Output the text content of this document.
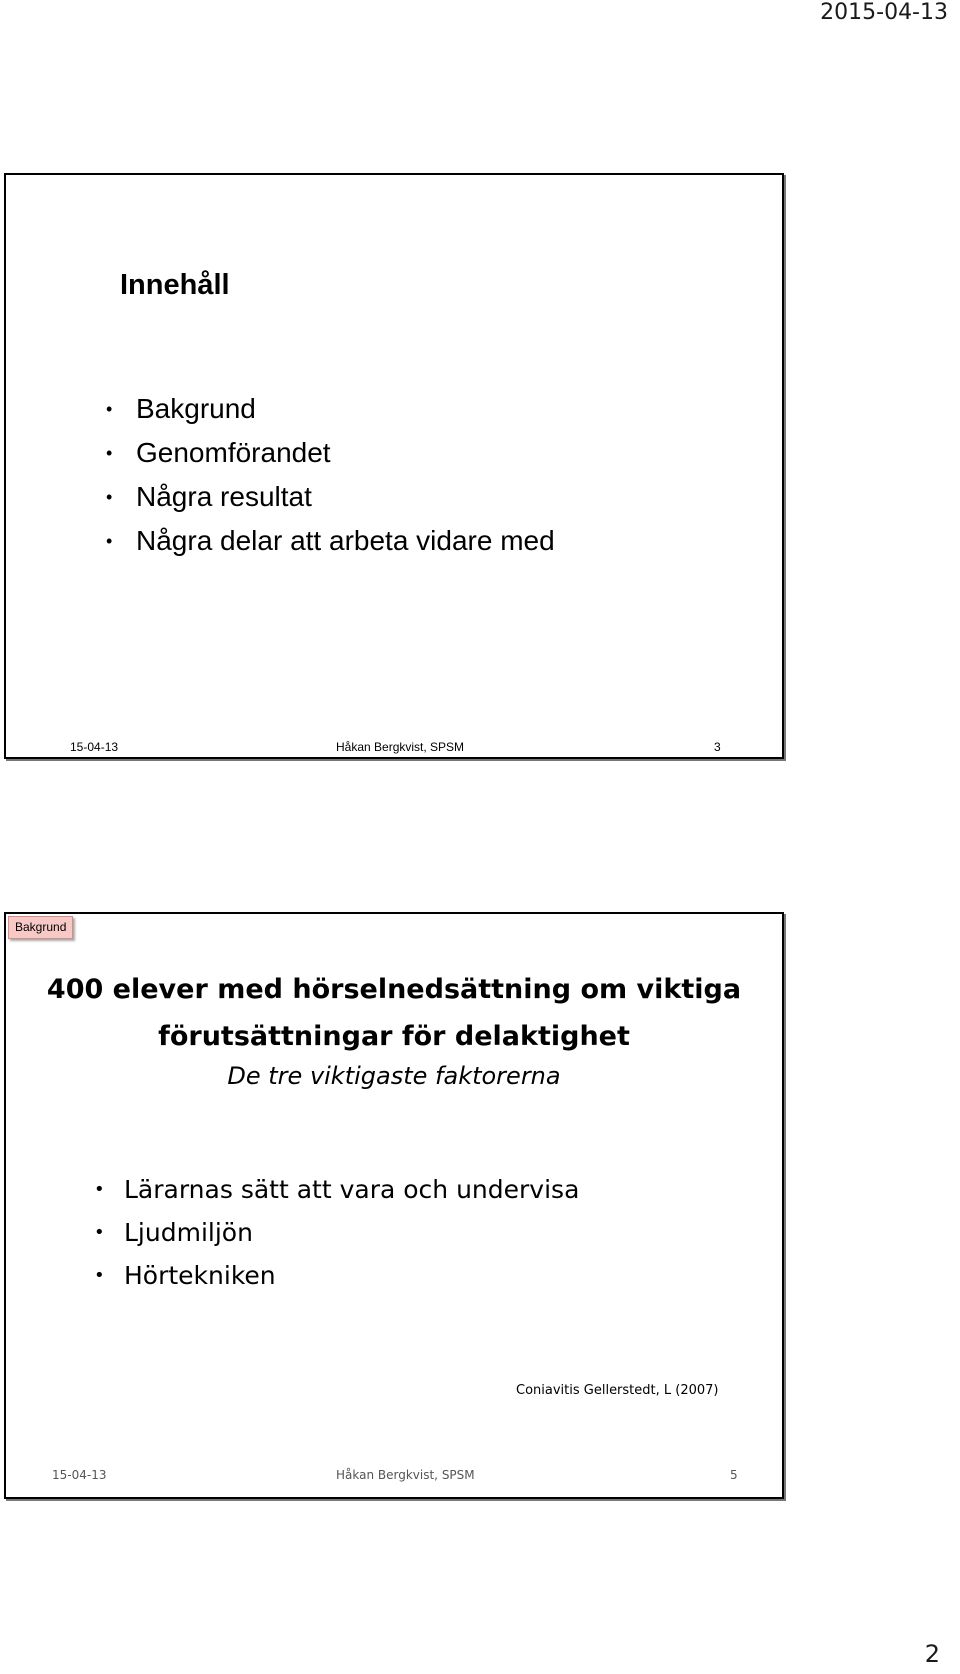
2015-04-13
Innehåll
• Bakgrund
• Genomförandet
• Några resultat
• Några delar att arbeta vidare med
15-04-13	Håkan Bergkvist, SPSM	3
Bakgrund
400 elever med hörselnedsättning om viktiga
förutsättningar för delaktighet
De tre viktigaste faktorerna
• Lärarnas sätt att vara och undervisa
• Ljudmiljön
• Hörtekniken
Coniavitis Gellerstedt, L (2007)
15-04-13	Håkan Bergkvist, SPSM	5
2
